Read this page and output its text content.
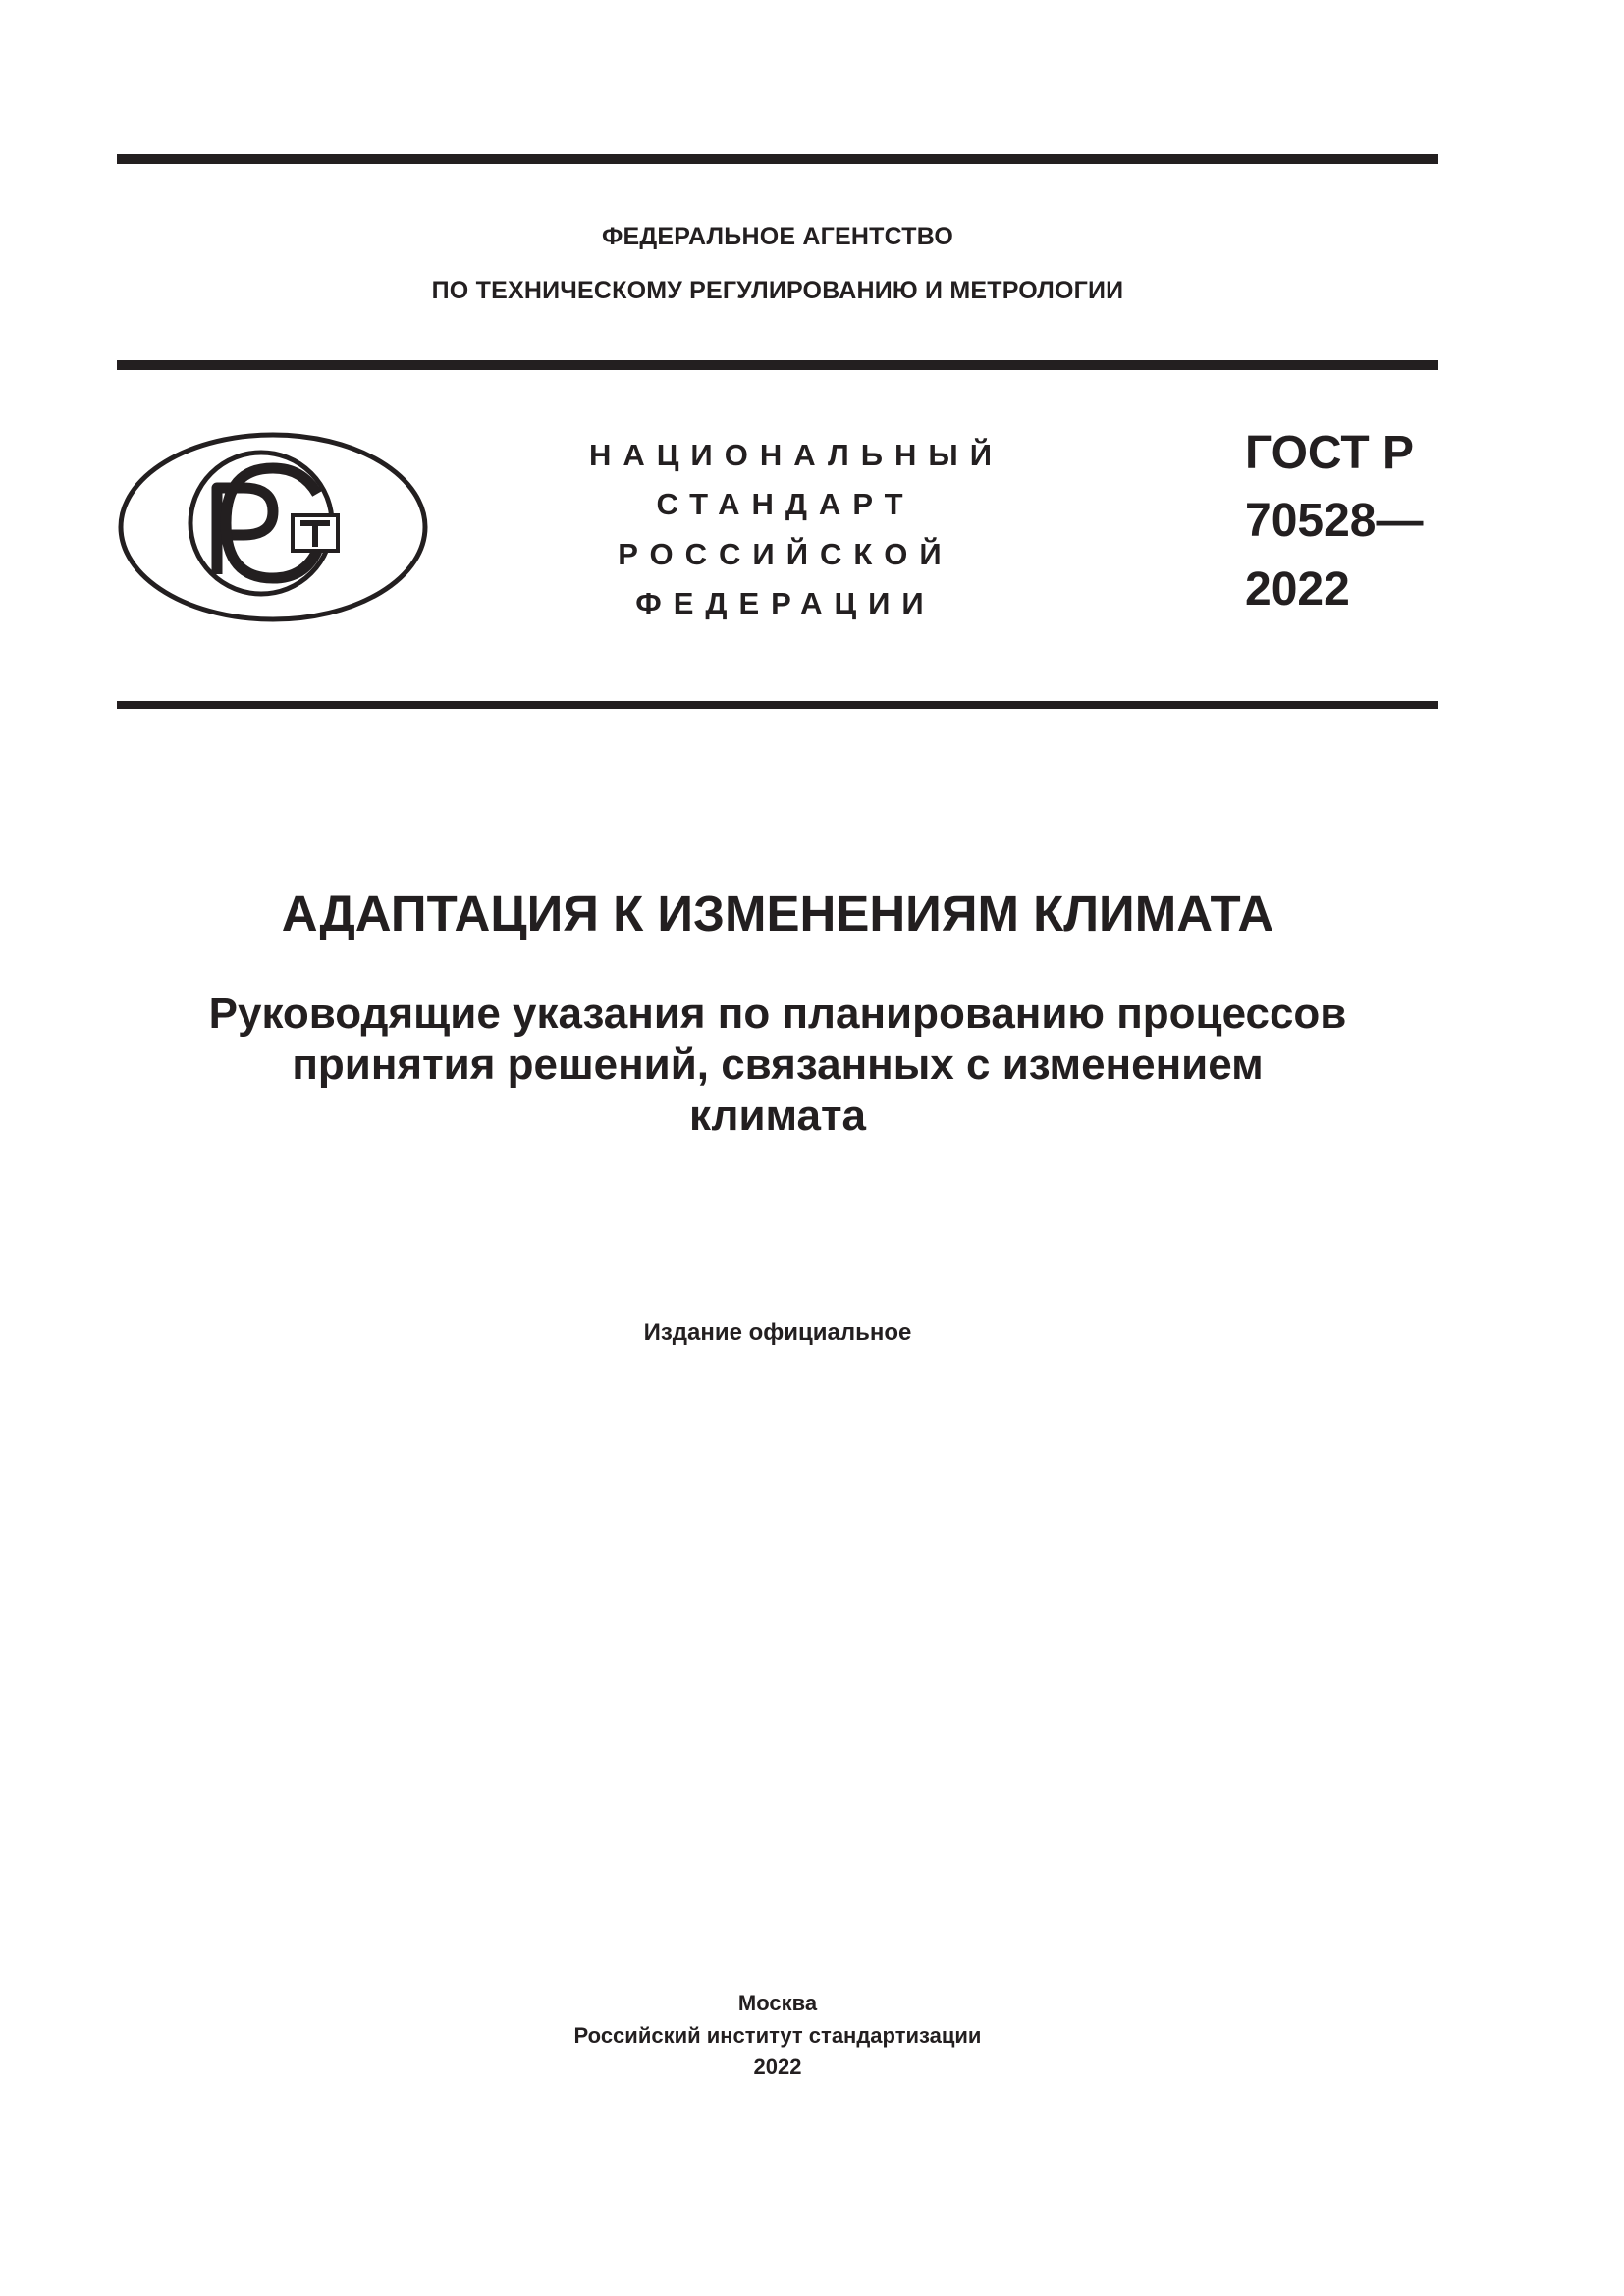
ФЕДЕРАЛЬНОЕ АГЕНТСТВО
ПО ТЕХНИЧЕСКОМУ РЕГУЛИРОВАНИЮ И МЕТРОЛОГИИ
НАЦИОНАЛЬНЫЙ
СТАНДАРТ
РОССИЙСКОЙ
ФЕДЕРАЦИИ
ГОСТ Р
70528—
2022
АДАПТАЦИЯ К ИЗМЕНЕНИЯМ КЛИМАТА
Руководящие указания по планированию процессов
принятия решений, связанных с изменением
климата
Издание официальное
Москва
Российский институт стандартизации
2022
